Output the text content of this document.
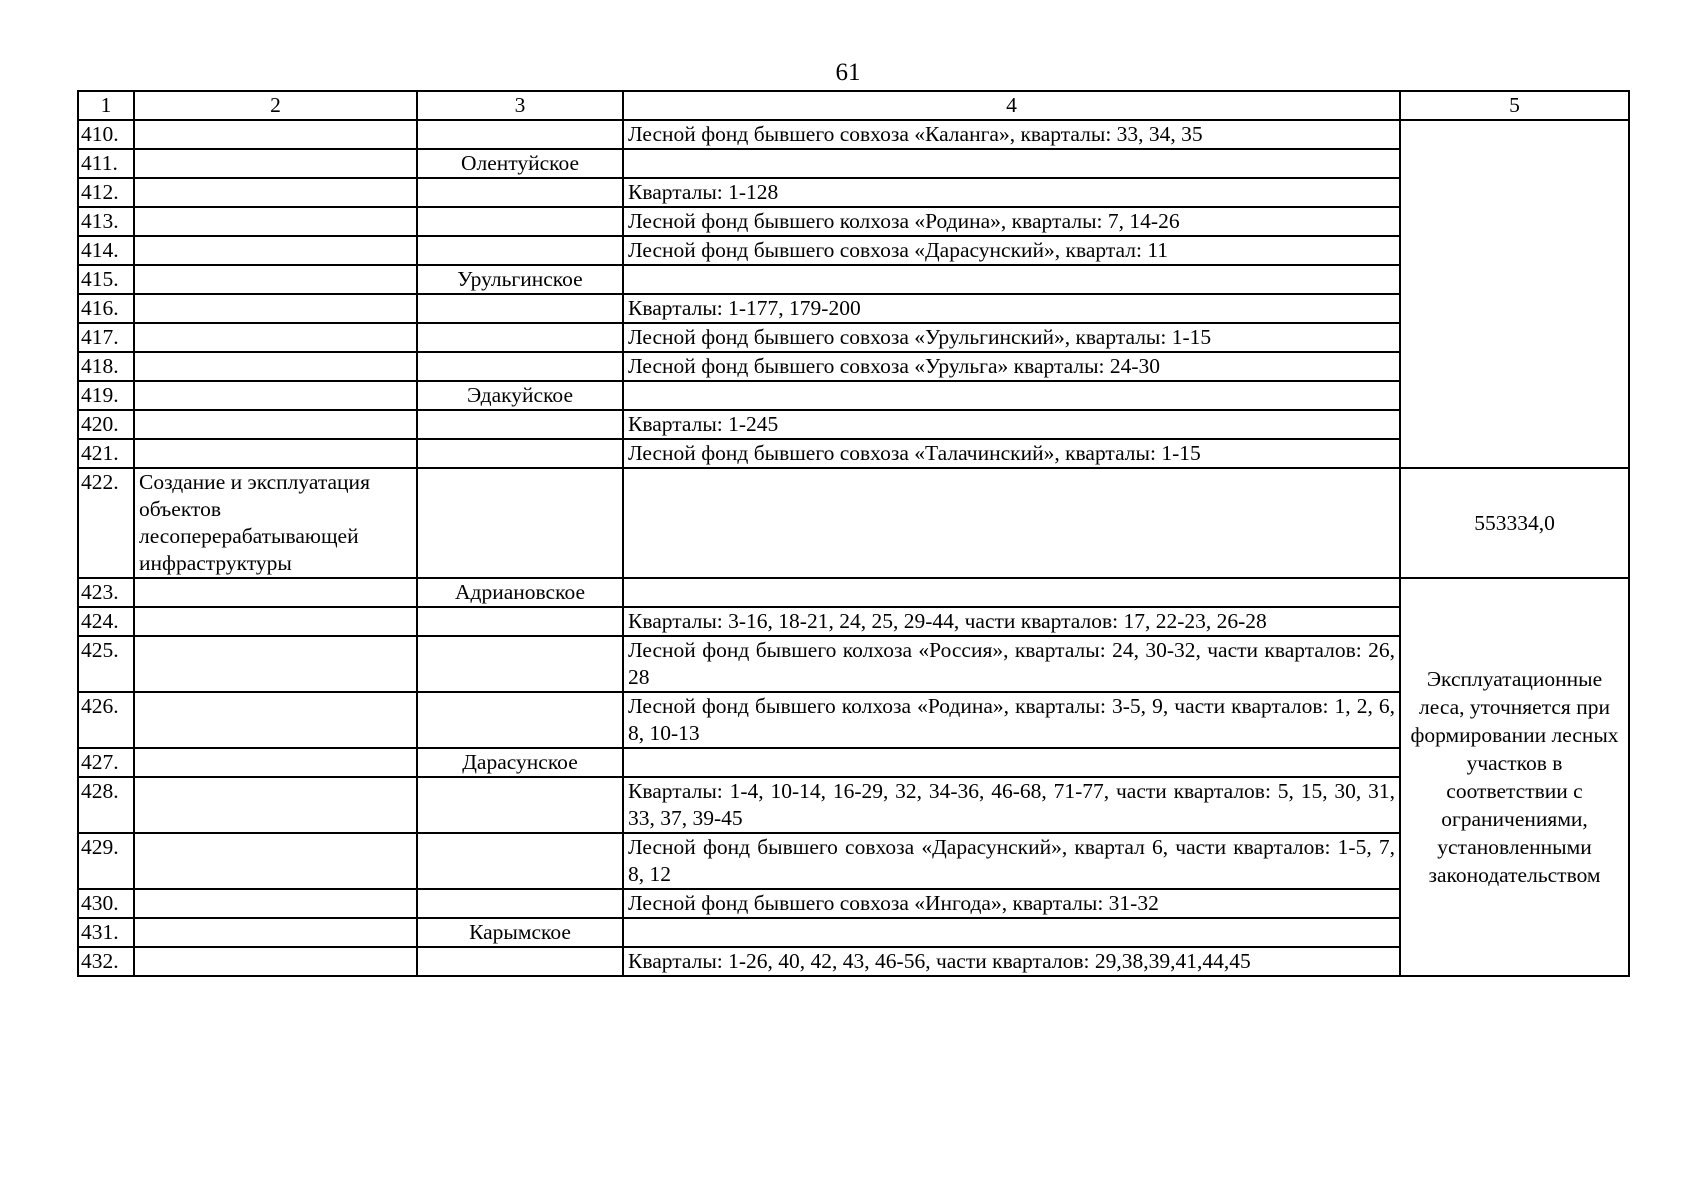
61
1	2	3	4	5
410.			Лесной фонд бывшего совхоза «Каланга», кварталы: 33, 34, 35	
411.		Олентуйское		
412.			Кварталы: 1-128	
413.			Лесной фонд бывшего колхоза «Родина», кварталы: 7, 14-26	
414.			Лесной фонд бывшего совхоза «Дарасунский», квартал: 11	
415.		Урульгинское		
416.			Кварталы: 1-177, 179-200	
417.			Лесной фонд бывшего совхоза «Урульгинский», кварталы: 1-15	
418.			Лесной фонд бывшего совхоза «Урульга» кварталы: 24-30	
419.		Эдакуйское		
420.			Кварталы: 1-245	
421.			Лесной фонд бывшего совхоза «Талачинский», кварталы: 1-15	
422.	Создание и эксплуатация объектов лесоперерабатывающей инфраструктуры			553334,0
423.		Адриановское		Эксплуатационные леса, уточняется при формировании лесных участков в соответствии с ограничениями, установленными законодательством
424.			Кварталы: 3-16, 18-21, 24, 25, 29-44, части кварталов: 17, 22-23, 26-28	
425.			Лесной фонд бывшего колхоза «Россия», кварталы: 24, 30-32, части кварталов: 26, 28	
426.			Лесной фонд бывшего колхоза «Родина», кварталы: 3-5, 9, части кварталов: 1, 2, 6, 8, 10-13	
427.		Дарасунское		
428.			Кварталы: 1-4, 10-14, 16-29, 32, 34-36, 46-68, 71-77, части кварталов: 5, 15, 30, 31, 33, 37, 39-45	
429.			Лесной фонд бывшего совхоза «Дарасунский», квартал 6, части кварталов: 1-5, 7, 8, 12	
430.			Лесной фонд бывшего совхоза «Ингода», кварталы: 31-32	
431.		Карымское		
432.			Кварталы: 1-26, 40, 42, 43, 46-56, части кварталов: 29,38,39,41,44,45	
